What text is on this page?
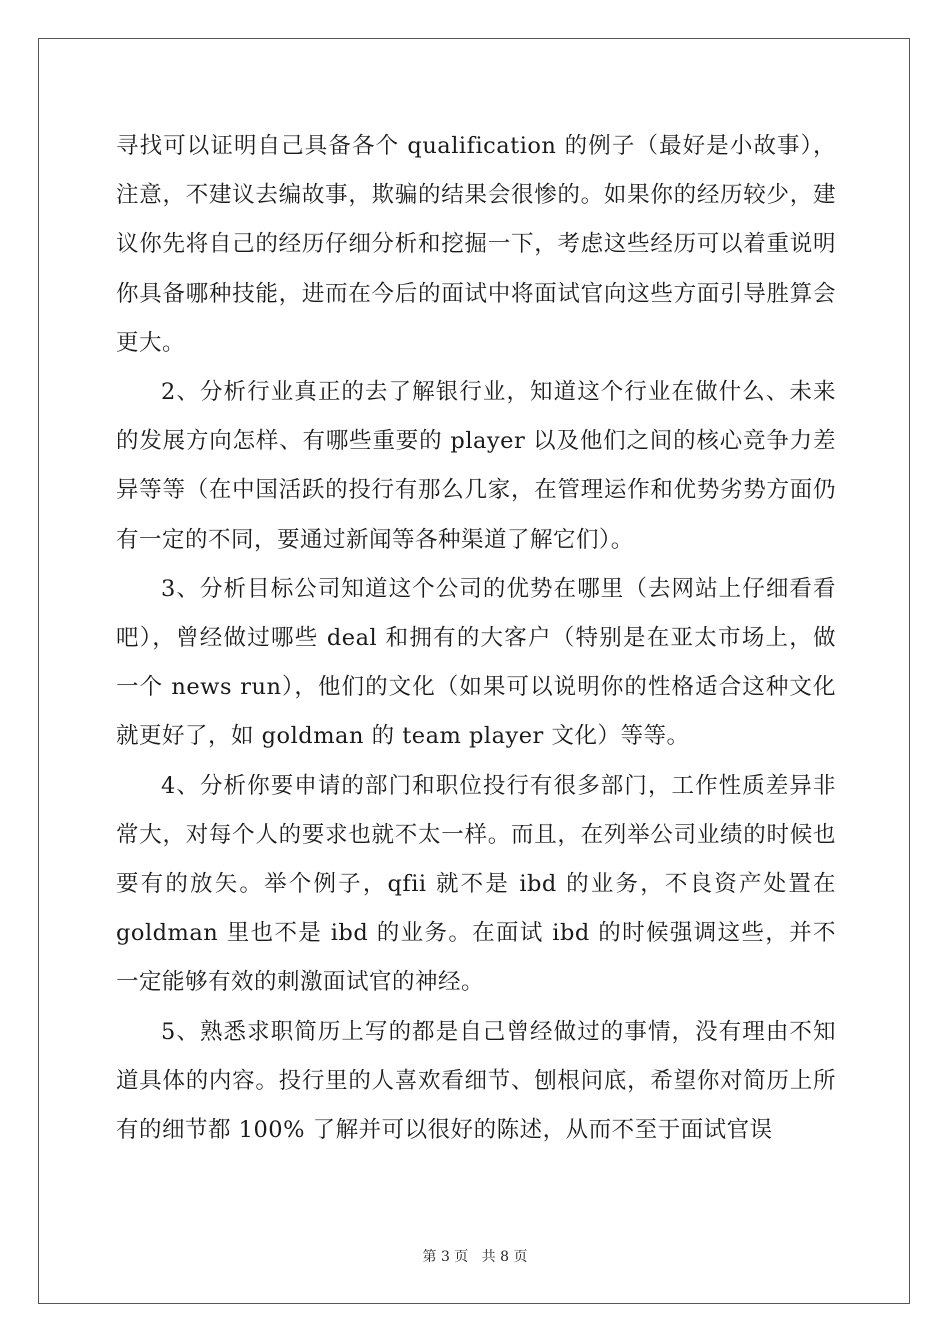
寻找可以证明自己具备各个 qualification 的例子（最好是小故事），注意，不建议去编故事，欺骗的结果会很惨的。如果你的经历较少，建议你先将自己的经历仔细分析和挖掘一下，考虑这些经历可以着重说明你具备哪种技能，进而在今后的面试中将面试官向这些方面引导胜算会更大。

2、分析行业真正的去了解银行业，知道这个行业在做什么、未来的发展方向怎样、有哪些重要的 player 以及他们之间的核心竞争力差异等等（在中国活跃的投行有那么几家，在管理运作和优势劣势方面仍有一定的不同，要通过新闻等各种渠道了解它们）。

3、分析目标公司知道这个公司的优势在哪里（去网站上仔细看看吧），曾经做过哪些 deal 和拥有的大客户（特别是在亚太市场上，做一个 news run），他们的文化（如果可以说明你的性格适合这种文化就更好了，如 goldman 的 team player 文化）等等。

4、分析你要申请的部门和职位投行有很多部门，工作性质差异非常大，对每个人的要求也就不太一样。而且，在列举公司业绩的时候也要有的放矢。举个例子，qfii 就不是 ibd 的业务，不良资产处置在 goldman 里也不是 ibd 的业务。在面试 ibd 的时候强调这些，并不一定能够有效的刺激面试官的神经。

5、熟悉求职简历上写的都是自己曾经做过的事情，没有理由不知道具体的内容。投行里的人喜欢看细节、刨根问底，希望你对简历上所有的细节都 100% 了解并可以很好的陈述，从而不至于面试官误

第 3 页 共 8 页
